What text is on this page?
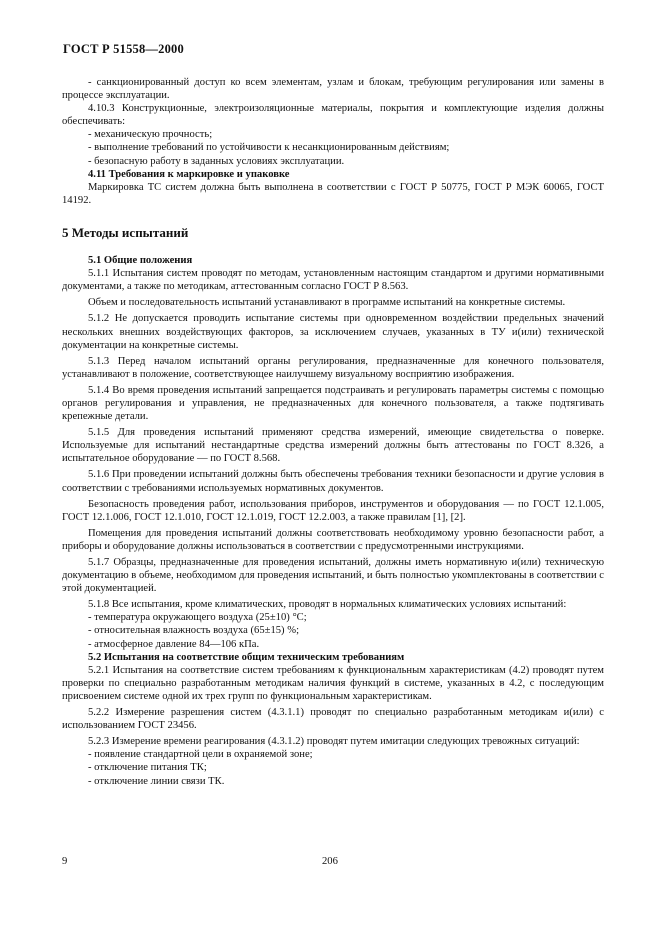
ГОСТ Р 51558—2000

- санкционированный доступ ко всем элементам, узлам и блокам, требующим регулирования или замены в процессе эксплуатации.

4.10.3 Конструкционные, электроизоляционные материалы, покрытия и комплектующие изделия должны обеспечивать:

- механическую прочность;

- выполнение требований по устойчивости к несанкционированным действиям;

- безопасную работу в заданных условиях эксплуатации.

4.11 Требования к маркировке и упаковке

Маркировка ТС систем должна быть выполнена в соответствии с ГОСТ Р 50775, ГОСТ Р МЭК 60065, ГОСТ 14192.

5 Методы испытаний

5.1 Общие положения

5.1.1 Испытания систем проводят по методам, установленным настоящим стандартом и другими нормативными документами, а также по методикам, аттестованным согласно ГОСТ Р 8.563.

Объем и последовательность испытаний устанавливают в программе испытаний на конкретные системы.

5.1.2 Не допускается проводить испытание системы при одновременном воздействии предельных значений нескольких внешних воздействующих факторов, за исключением случаев, указанных в ТУ и(или) технической документации на конкретные системы.

5.1.3 Перед началом испытаний органы регулирования, предназначенные для конечного пользователя, устанавливают в положение, соответствующее наилучшему визуальному восприятию изображения.

5.1.4 Во время проведения испытаний запрещается подстраивать и регулировать параметры системы с помощью органов регулирования и управления, не предназначенных для конечного пользователя, а также подтягивать крепежные детали.

5.1.5 Для проведения испытаний применяют средства измерений, имеющие свидетельства о поверке. Используемые для испытаний нестандартные средства измерений должны быть аттестованы по ГОСТ 8.326, а испытательное оборудование — по ГОСТ 8.568.

5.1.6 При проведении испытаний должны быть обеспечены требования техники безопасности и другие условия в соответствии с требованиями используемых нормативных документов.

Безопасность проведения работ, использования приборов, инструментов и оборудования — по ГОСТ 12.1.005, ГОСТ 12.1.006, ГОСТ 12.1.010, ГОСТ 12.1.019, ГОСТ 12.2.003, а также правилам [1], [2].

Помещения для проведения испытаний должны соответствовать необходимому уровню безопасности работ, а приборы и оборудование должны использоваться в соответствии с предусмотренными инструкциями.

5.1.7 Образцы, предназначенные для проведения испытаний, должны иметь нормативную и(или) техническую документацию в объеме, необходимом для проведения испытаний, и быть полностью укомплектованы в соответствии с этой документацией.

5.1.8 Все испытания, кроме климатических, проводят в нормальных климатических условиях испытаний:

- температура окружающего воздуха (25±10) °С;

- относительная влажность воздуха (65±15) %;

- атмосферное давление 84—106 кПа.

5.2 Испытания на соответствие общим техническим требованиям

5.2.1 Испытания на соответствие систем требованиям к функциональным характеристикам (4.2) проводят путем проверки по специально разработанным методикам наличия функций в системе, указанных в 4.2, с последующим присвоением системе одной их трех групп по функциональным характеристикам.

5.2.2 Измерение разрешения систем (4.3.1.1) проводят по специально разработанным методикам и(или) с использованием ГОСТ 23456.

5.2.3 Измерение времени реагирования (4.3.1.2) проводят путем имитации следующих тревожных ситуаций:

- появление стандартной цели в охраняемой зоне;

- отключение питания ТК;

- отключение линии связи ТК.

9	206
